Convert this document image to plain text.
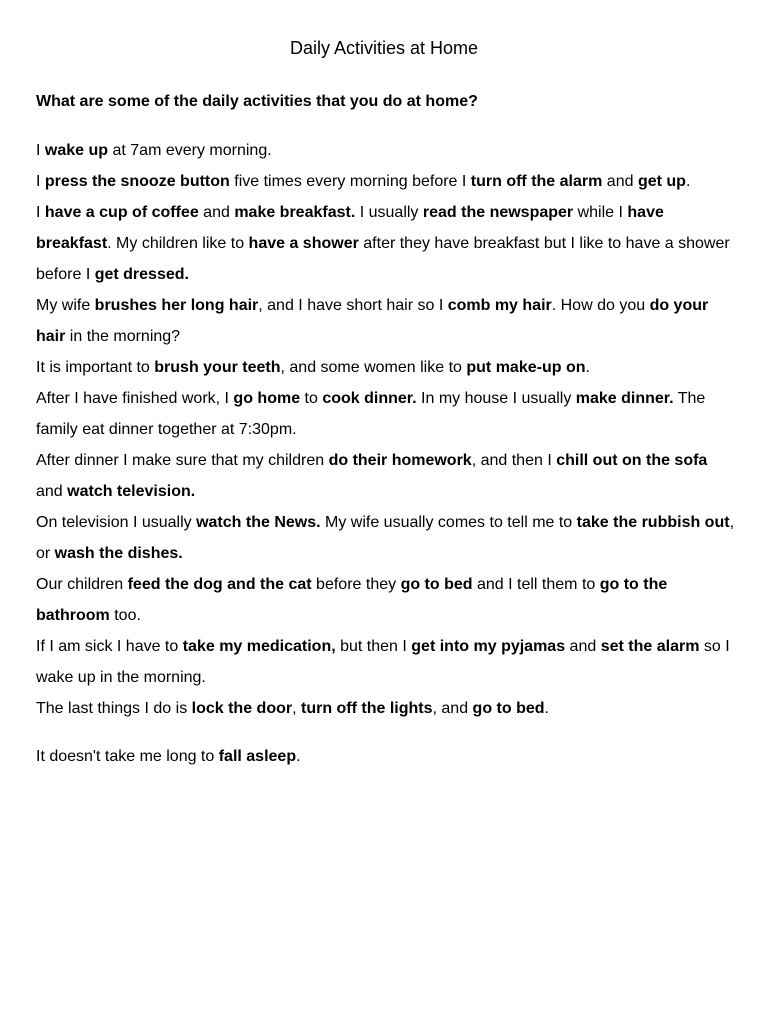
Daily Activities at Home

What are some of the daily activities that you do at home?

I wake up at 7am every morning.

I press the snooze button five times every morning before I turn off the alarm and get up.

I have a cup of coffee and make breakfast. I usually read the newspaper while I have breakfast. My children like to have a shower after they have breakfast but I like to have a shower before I get dressed.

My wife brushes her long hair, and I have short hair so I comb my hair. How do you do your hair in the morning?

It is important to brush your teeth, and some women like to put make-up on.

After I have finished work, I go home to cook dinner. In my house I usually make dinner. The family eat dinner together at 7:30pm.

After dinner I make sure that my children do their homework, and then I chill out on the sofa and watch television.

On television I usually watch the News. My wife usually comes to tell me to take the rubbish out, or wash the dishes.

Our children feed the dog and the cat before they go to bed and I tell them to go to the bathroom too.

If I am sick I have to take my medication, but then I get into my pyjamas and set the alarm so I wake up in the morning.

The last things I do is lock the door, turn off the lights, and go to bed.

It doesn't take me long to fall asleep.
